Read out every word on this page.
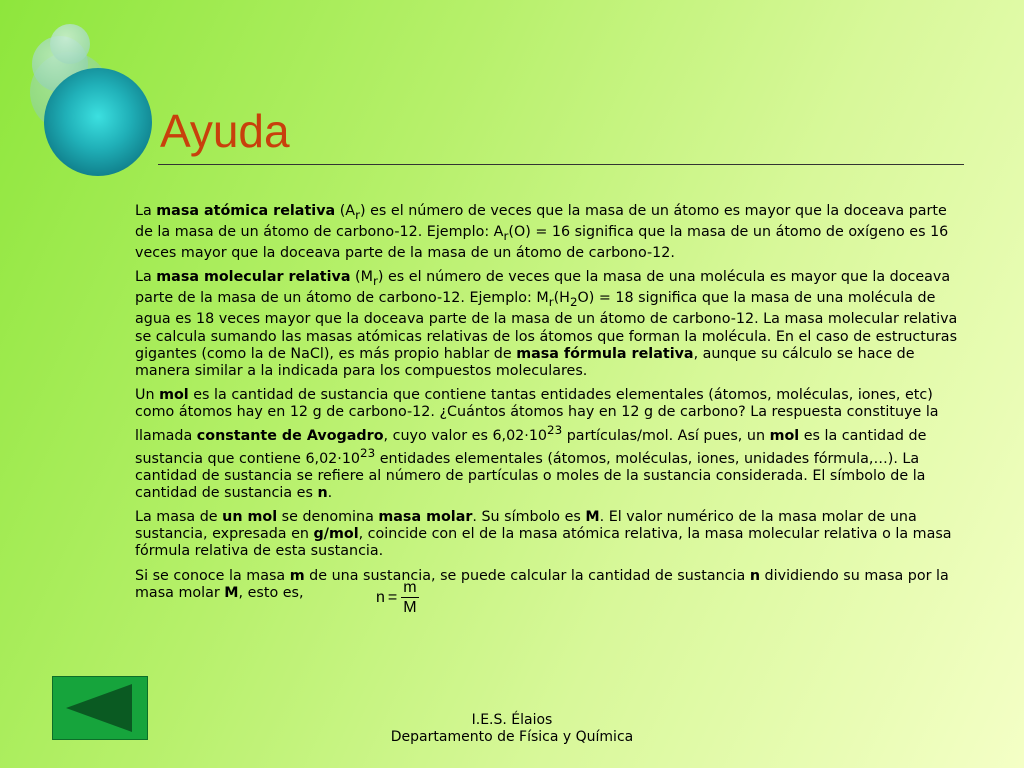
Ayuda

La masa atómica relativa $(A_r)$ es el número de veces que la masa de un átomo es mayor que la doceava parte de la masa de un átomo de carbono-12. Ejemplo: $A_r(O) = 16$ significa que la masa de un átomo de oxígeno es 16 veces mayor que la doceava parte de la masa de un átomo de carbono-12.

La masa molecular relativa $(M_r)$ es el número de veces que la masa de una molécula es mayor que la doceava parte de la masa de un átomo de carbono-12. Ejemplo: $M_r(H_2O) = 18$ significa que la masa de una molécula de agua es 18 veces mayor que la doceava parte de la masa de un átomo de carbono-12. La masa molecular relativa se calcula sumando las masas atómicas relativas de los átomos que forman la molécula. En el caso de estructuras gigantes (como la de NaCl), es más propio hablar de masa fórmula relativa, aunque su cálculo se hace de manera similar a la indicada para los compuestos moleculares.

Un mol es la cantidad de sustancia que contiene tantas entidades elementales (átomos, moléculas, iones, etc) como átomos hay en 12 g de carbono-12. ¿Cuántos átomos hay en 12 g de carbono? La respuesta constituye la llamada constante de Avogadro, cuyo valor es $6,02\cdot 10^{23}$ partículas/mol. Así pues, un mol es la cantidad de sustancia que contiene $6,02\cdot 10^{23}$ entidades elementales (átomos, moléculas, iones, unidades fórmula,…). La cantidad de sustancia se refiere al número de partículas o moles de la sustancia considerada. El símbolo de la cantidad de sustancia es n.

La masa de un mol se denomina masa molar. Su símbolo es M. El valor numérico de la masa molar de una sustancia, expresada en g/mol, coincide con el de la masa atómica relativa, la masa molecular relativa o la masa fórmula relativa de esta sustancia.

Si se conoce la masa m de una sustancia, se puede calcular la cantidad de sustancia n dividiendo su masa por la masa molar M, esto es,	$n = \frac{m}{M}$
I.E.S. Élaios
Departamento de Física y Química
